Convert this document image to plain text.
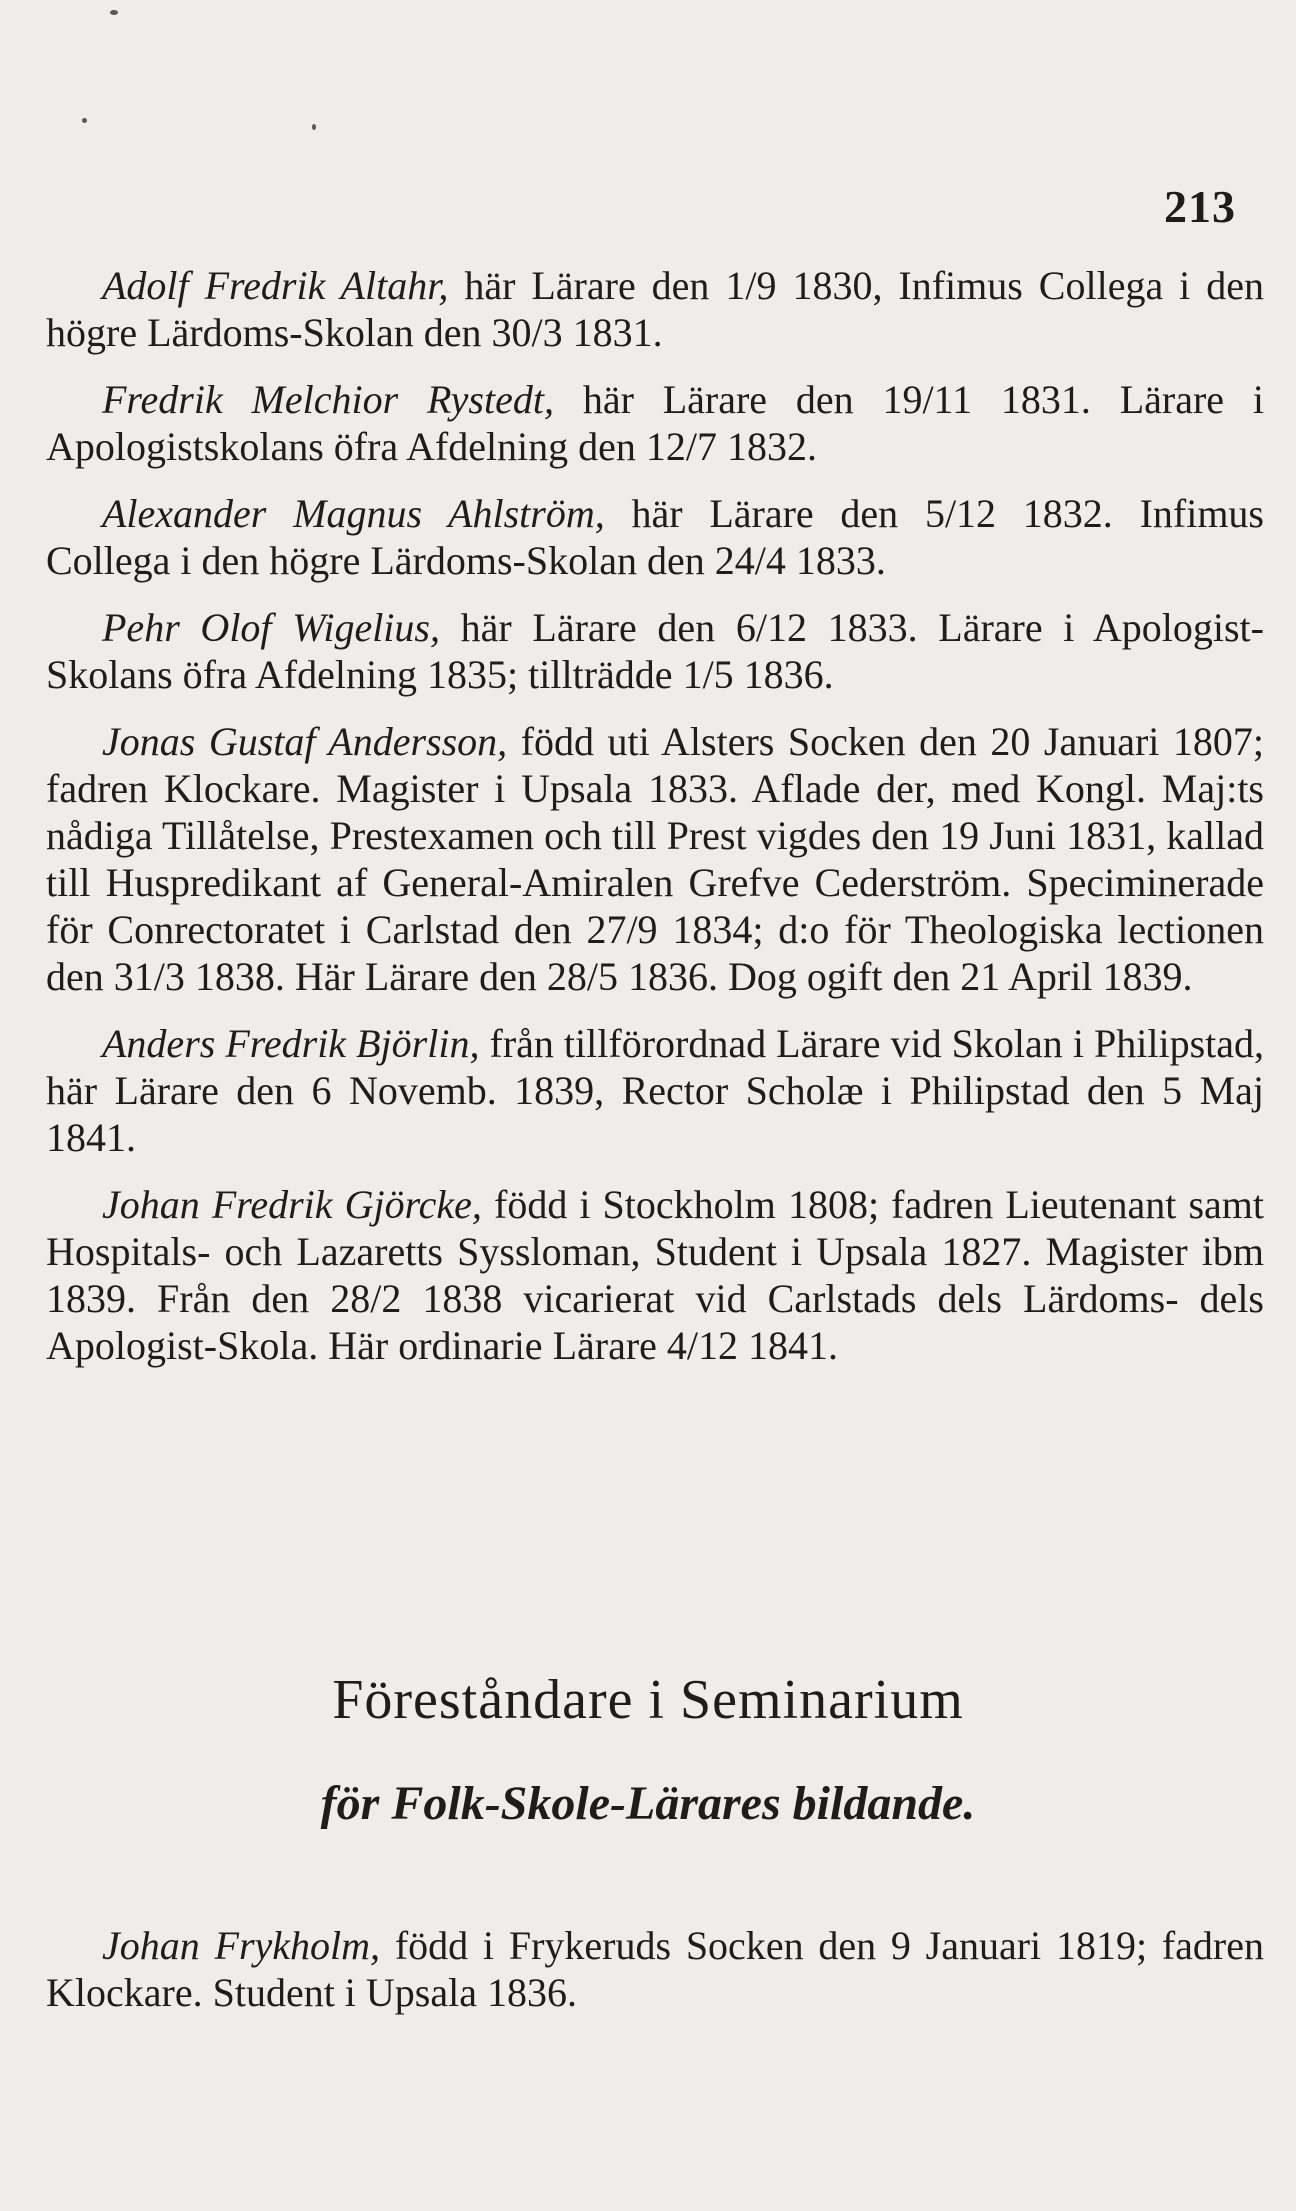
213

Adolf Fredrik Altahr, här Lärare den 1/9 1830, Infimus Collega i den högre Lärdoms-Skolan den 30/3 1831.

Fredrik Melchior Rystedt, här Lärare den 19/11 1831. Lärare i Apologistskolans öfra Afdelning den 12/7 1832.

Alexander Magnus Ahlström, här Lärare den 5/12 1832. Infimus Collega i den högre Lärdoms-Skolan den 24/4 1833.

Pehr Olof Wigelius, här Lärare den 6/12 1833. Lärare i Apologist-Skolans öfra Afdelning 1835; tillträdde 1/5 1836.

Jonas Gustaf Andersson, född uti Alsters Socken den 20 Januari 1807; fadren Klockare. Magister i Upsala 1833. Aflade der, med Kongl. Maj:ts nådiga Tillåtelse, Prestexamen och till Prest vigdes den 19 Juni 1831, kallad till Huspredikant af General-Amiralen Grefve Cederström. Specimineradе för Conrectoratet i Carlstad den 27/9 1834; d:o för Theologiska lectionen den 31/3 1838. Här Lärare den 28/5 1836. Dog ogift den 21 April 1839.

Anders Fredrik Björlin, från tillförordnad Lärare vid Skolan i Philipstad, här Lärare den 6 Novemb. 1839, Rector Scholæ i Philipstad den 5 Maj 1841.

Johan Fredrik Gjörcke, född i Stockholm 1808; fadren Lieutenant samt Hospitals- och Lazaretts Syssloman, Student i Upsala 1827. Magister ibm 1839. Från den 28/2 1838 vicarierat vid Carlstads dels Lärdoms- dels Apologist-Skola. Här ordinarie Lärare 4/12 1841.

Föreståndare i Seminarium
för Folk-Skole-Lärares bildande.

Johan Frykholm, född i Frykeruds Socken den 9 Januari 1819; fadren Klockare. Student i Upsala 1836.
